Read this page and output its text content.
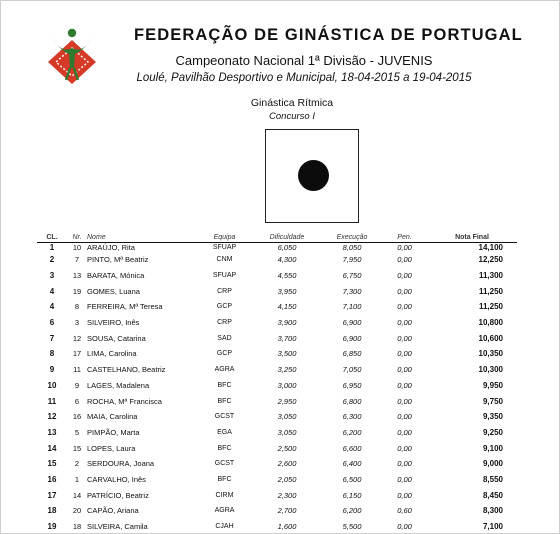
FEDERAÇÃO DE GINÁSTICA DE PORTUGAL
Campeonato Nacional 1ª Divisão - JUVENIS
Loulé, Pavilhão Desportivo e Municipal, 18-04-2015 a 19-04-2015
Ginástica Rítmica
Concurso I
CL.	Nr.	Nome	Equipa	Dificuldade	Execução	Pen.	Nota Final
1	10	ARAÚJO, Rita	SFUAP	6,050	8,050	0,00	14,100
2	7	PINTO, Mª Beatriz	CNM	4,300	7,950	0,00	12,250
3	13	BARATA, Mónica	SFUAP	4,550	6,750	0,00	11,300
4	19	GOMES, Luana	CRP	3,950	7,300	0,00	11,250
4	8	FERREIRA, Mª Teresa	GCP	4,150	7,100	0,00	11,250
6	3	SILVEIRO, Inês	CRP	3,900	6,900	0,00	10,800
7	12	SOUSA, Catarina	SAD	3,700	6,900	0,00	10,600
8	17	LIMA, Carolina	GCP	3,500	6,850	0,00	10,350
9	11	CASTELHANO, Beatriz	AGRA	3,250	7,050	0,00	10,300
10	9	LAGES, Madalena	BFC	3,000	6,950	0,00	9,950
11	6	ROCHA, Mª Francisca	BFC	2,950	6,800	0,00	9,750
12	16	MAIA, Carolina	GCST	3,050	6,300	0,00	9,350
13	5	PIMPÃO, Marta	EGA	3,050	6,200	0,00	9,250
14	15	LOPES, Laura	BFC	2,500	6,600	0,00	9,100
15	2	SERDOURA, Joana	GCST	2,600	6,400	0,00	9,000
16	1	CARVALHO, Inês	BFC	2,050	6,500	0,00	8,550
17	14	PATRÍCIO, Beatriz	CIRM	2,300	6,150	0,00	8,450
18	20	CAPÃO, Ariana	AGRA	2,700	6,200	0,60	8,300
19	18	SILVEIRA, Camila	CJAH	1,600	5,500	0,00	7,100
